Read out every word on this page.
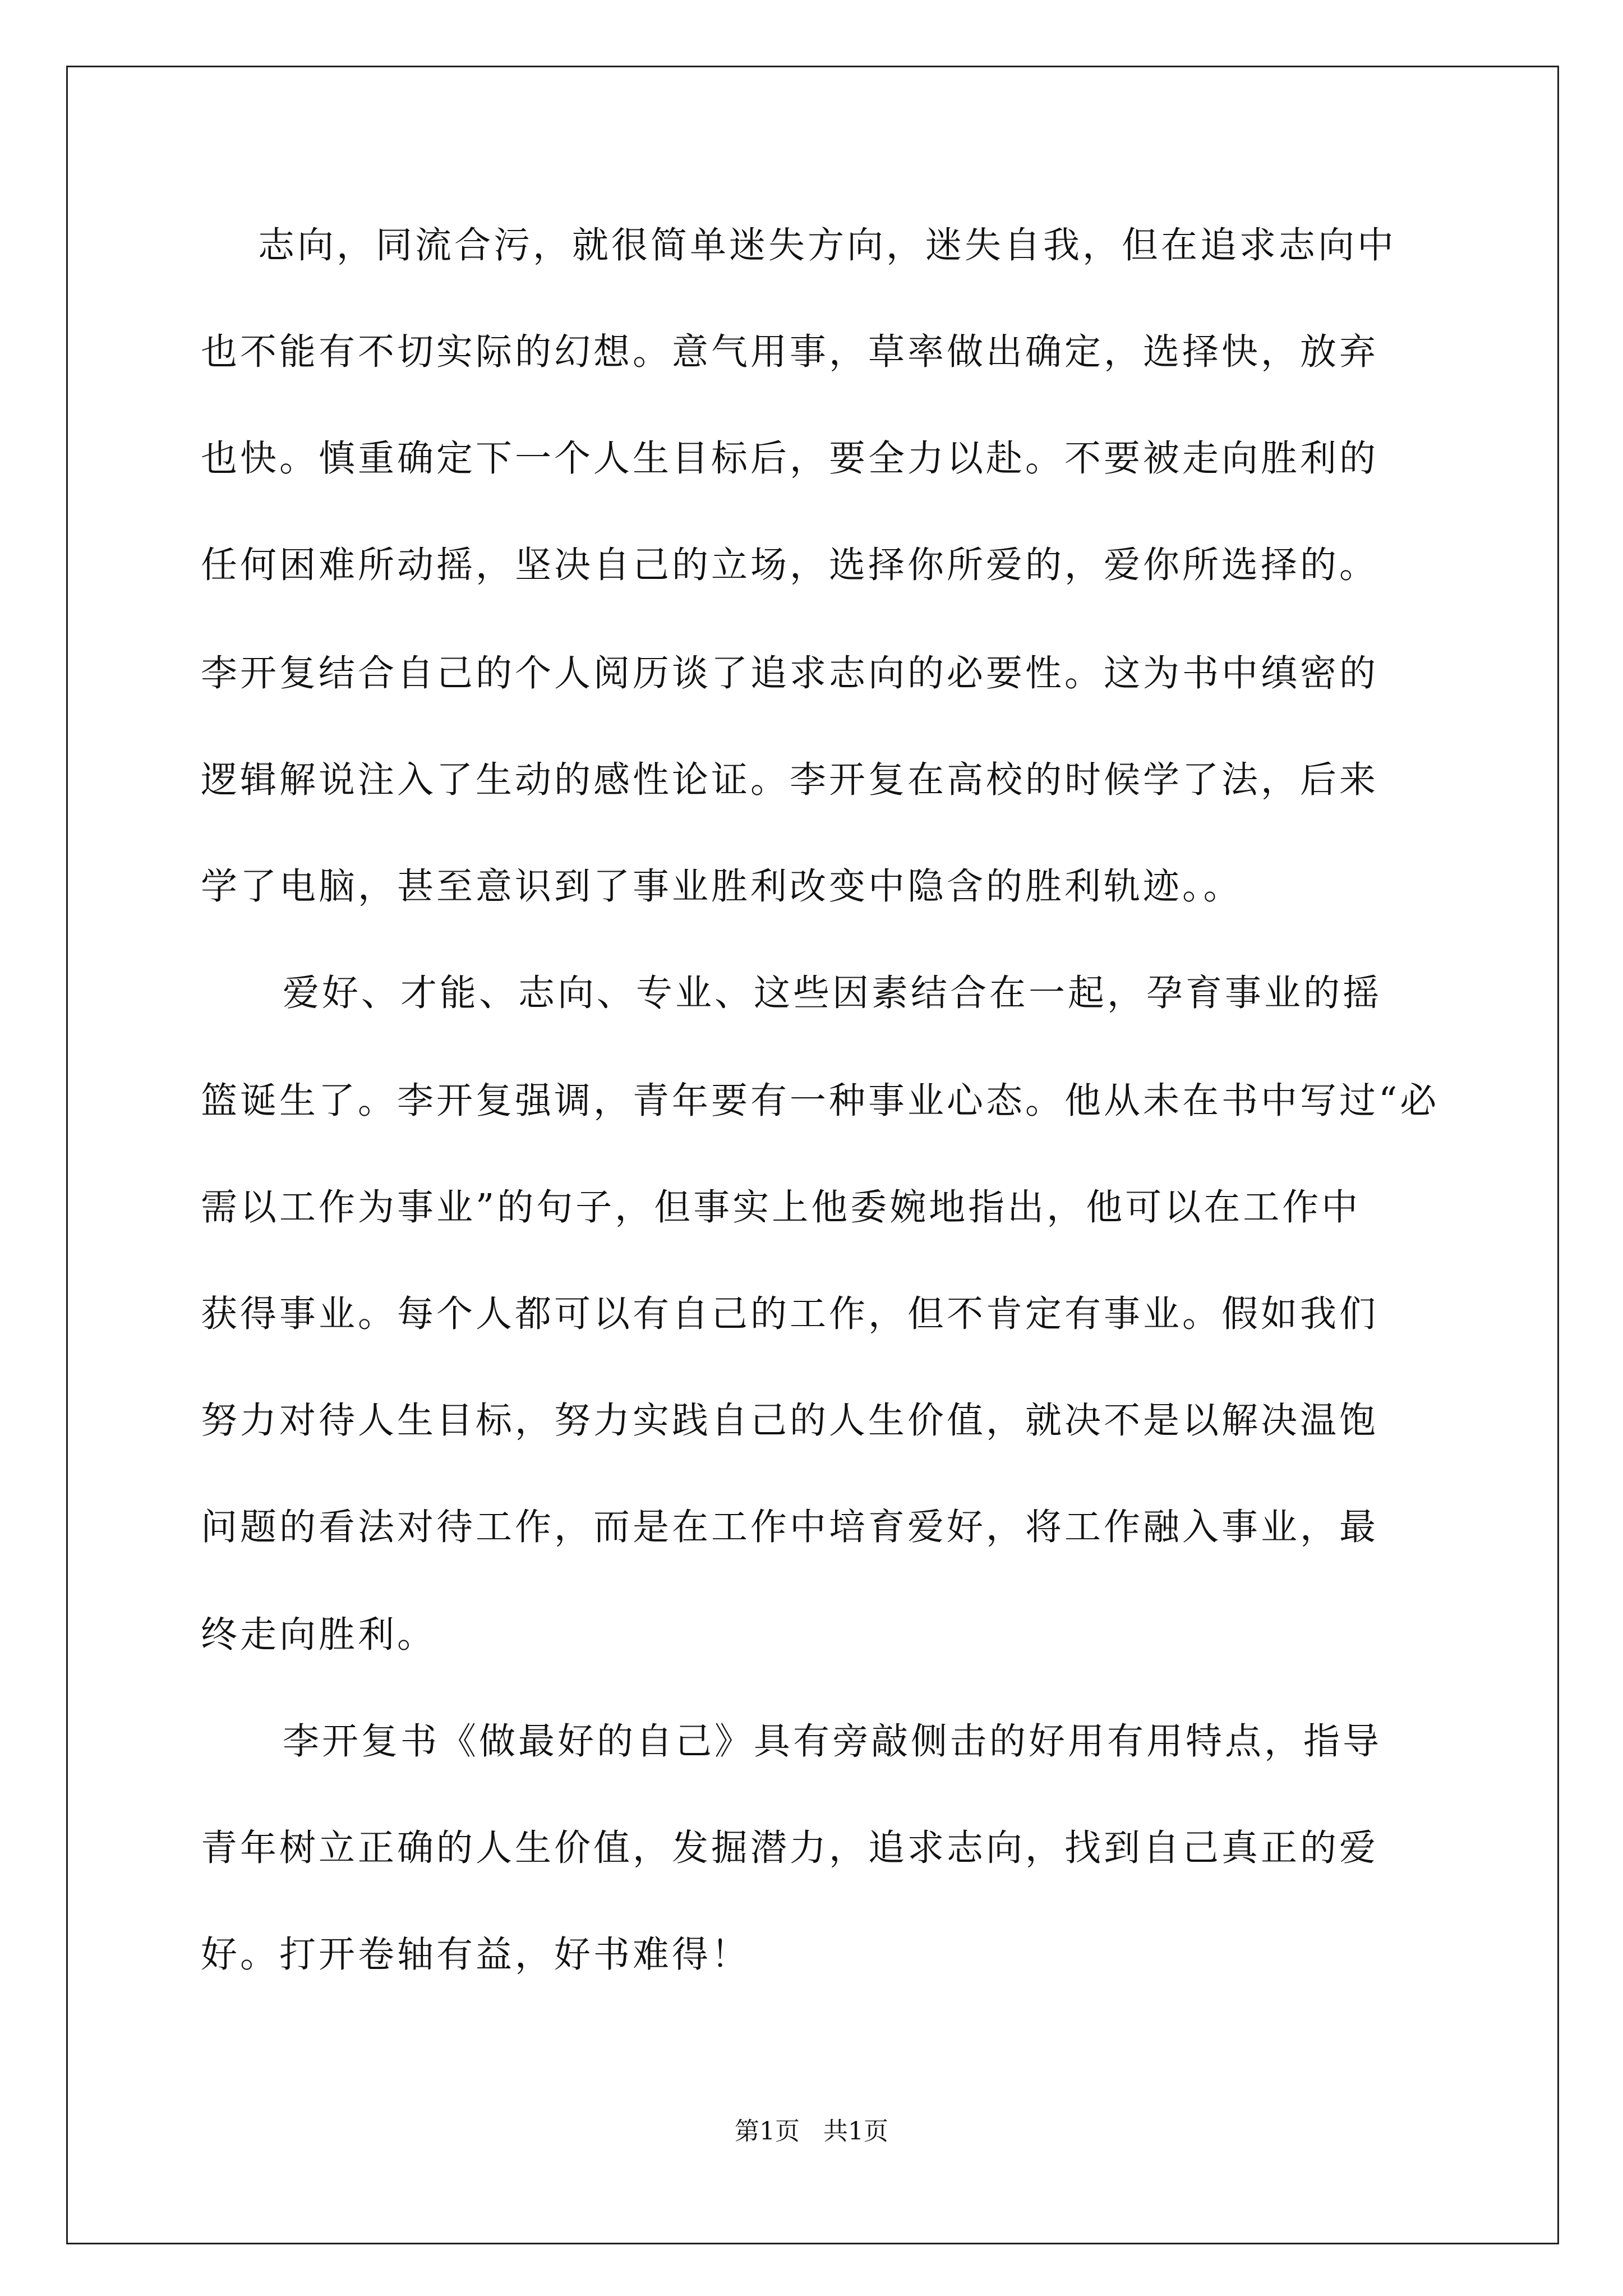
志向，同流合污，就很简单迷失方向，迷失自我，但在追求志向中
也不能有不切实际的幻想。意气用事，草率做出确定，选择快，放弃
也快。慎重确定下一个人生目标后，要全力以赴。不要被走向胜利的
任何困难所动摇，坚决自己的立场，选择你所爱的，爱你所选择的。
李开复结合自己的个人阅历谈了追求志向的必要性。这为书中缜密的
逻辑解说注入了生动的感性论证。李开复在高校的时候学了法，后来
学了电脑，甚至意识到了事业胜利改变中隐含的胜利轨迹。。
爱好、才能、志向、专业、这些因素结合在一起，孕育事业的摇
篮诞生了。李开复强调，青年要有一种事业心态。他从未在书中写过“必
需以工作为事业”的句子，但事实上他委婉地指出，他可以在工作中
获得事业。每个人都可以有自己的工作，但不肯定有事业。假如我们
努力对待人生目标，努力实践自己的人生价值，就决不是以解决温饱
问题的看法对待工作，而是在工作中培育爱好，将工作融入事业，最
终走向胜利。
李开复书《做最好的自己》具有旁敲侧击的好用有用特点，指导
青年树立正确的人生价值，发掘潜力，追求志向，找到自己真正的爱
好。打开卷轴有益，好书难得！
第1页 共1页
